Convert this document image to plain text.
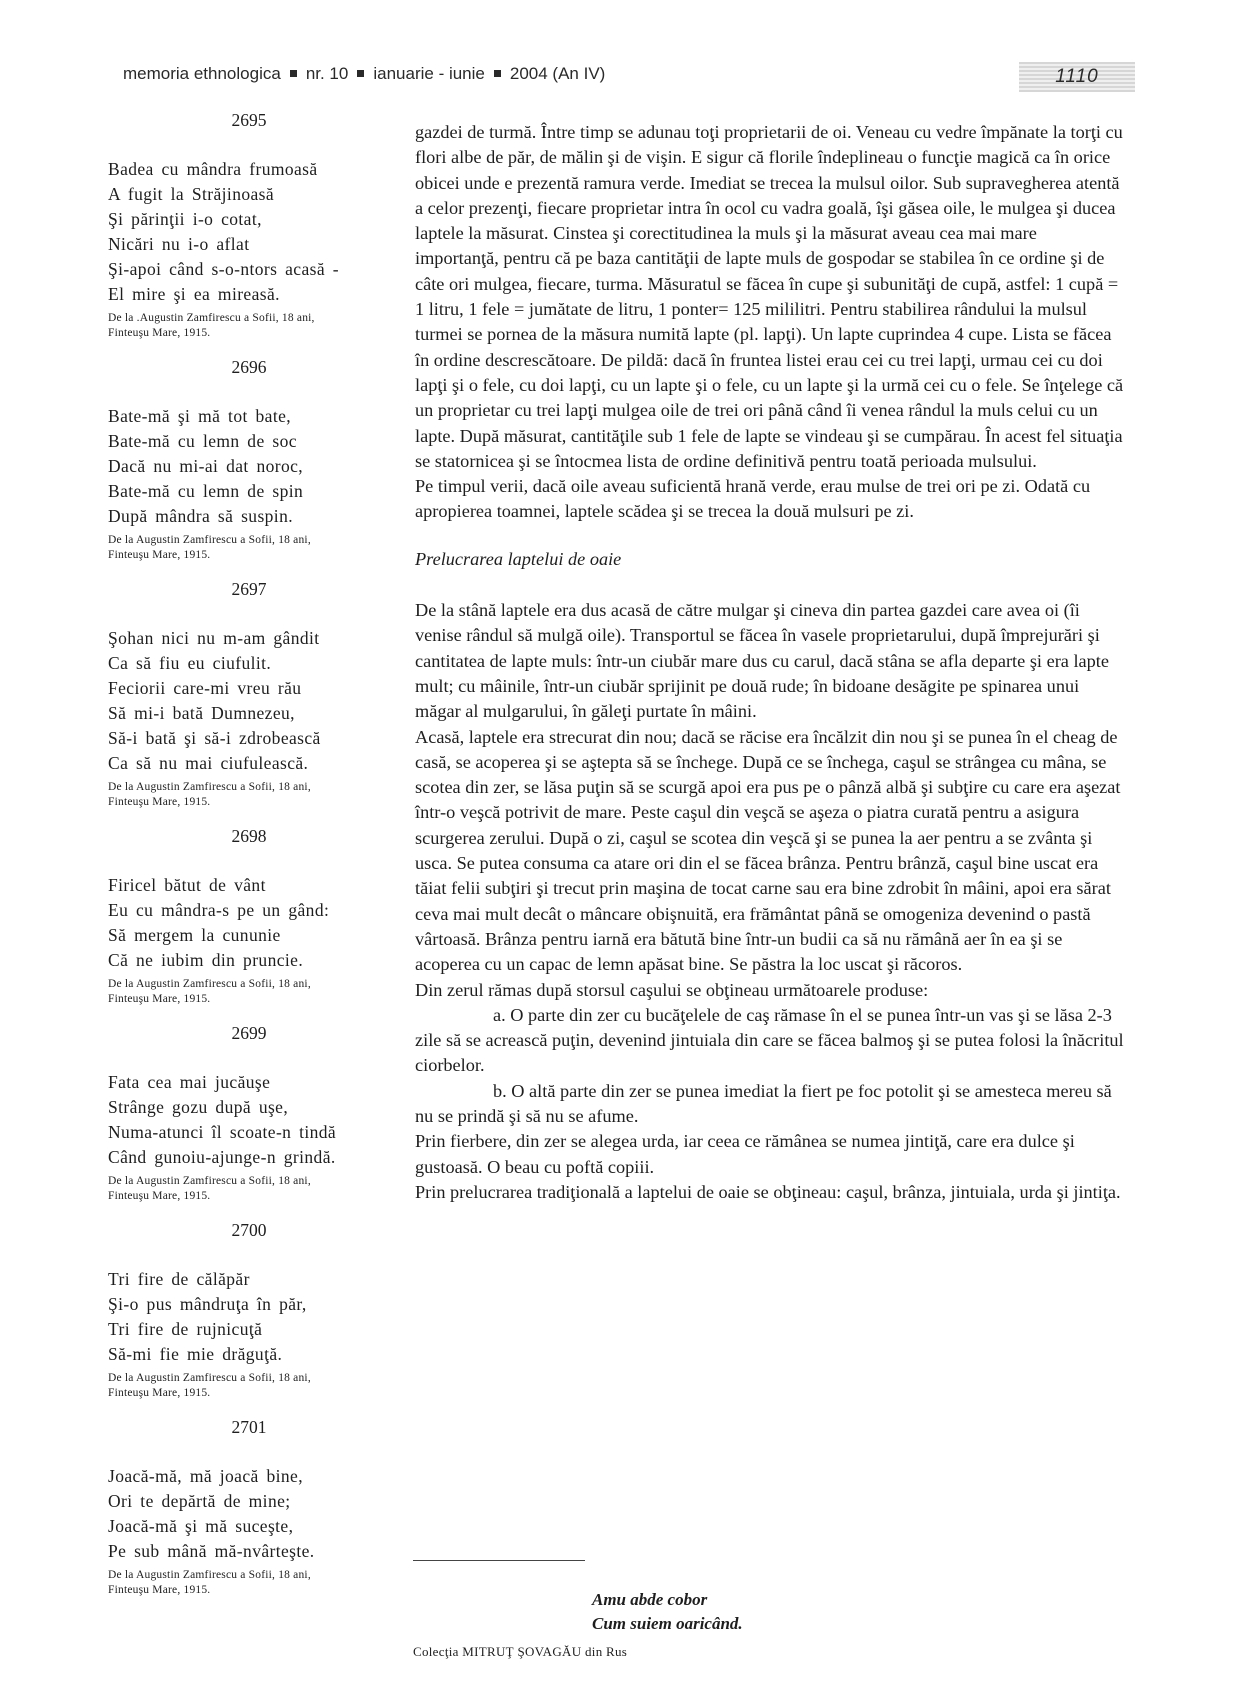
memoria ethnologica nr. 10 ianuarie - iunie 2004 (An IV)	1110
2695
Badea cu mândra frumoasă
A fugit la Străjinoasă
Şi părinţii i-o cotat,
Nicări nu i-o aflat
Şi-apoi când s-o-ntors acasă -
El mire şi ea mireasă.
De la .Augustin Zamfirescu a Sofii, 18 ani,
Finteuşu Mare, 1915.
2696
Bate-mă şi mă tot bate,
Bate-mă cu lemn de soc
Dacă nu mi-ai dat noroc,
Bate-mă cu lemn de spin
După mândra să suspin.
De la Augustin Zamfirescu a Sofii, 18 ani,
Finteuşu Mare, 1915.
2697
Şohan nici nu m-am gândit
Ca să fiu eu ciufulit.
Feciorii care-mi vreu rău
Să mi-i bată Dumnezeu,
Să-i bată şi să-i zdrobească
Ca să nu mai ciufulească.
De la Augustin Zamfirescu a Sofii, 18 ani,
Finteuşu Mare, 1915.
2698
Firicel bătut de vânt
Eu cu mândra-s pe un gând:
Să mergem la cununie
Că ne iubim din pruncie.
De la Augustin Zamfirescu a Sofii, 18 ani,
Finteuşu Mare, 1915.
2699
Fata cea mai jucăuşe
Strânge gozu după uşe,
Numa-atunci îl scoate-n tindă
Când gunoiu-ajunge-n grindă.
De la Augustin Zamfirescu a Sofii, 18 ani,
Finteuşu Mare, 1915.
2700
Tri fire de călăpăr
Şi-o pus mândruţa în păr,
Tri fire de rujnicuţă
Să-mi fie mie drăguţă.
De la Augustin Zamfirescu a Sofii, 18 ani,
Finteuşu Mare, 1915.
2701
Joacă-mă, mă joacă bine,
Ori te depărtă de mine;
Joacă-mă şi mă suceşte,
Pe sub mână mă-nvârteşte.
De la Augustin Zamfirescu a Sofii, 18 ani,
Finteuşu Mare, 1915.

gazdei de turmă. Între timp se adunau toţi proprietarii de oi. Veneau cu vedre împănate la torţi cu flori albe de păr, de mălin şi de vişin. E sigur că florile îndeplineau o funcţie magică ca în orice obicei unde e prezentă ramura verde. Imediat se trecea la mulsul oilor. Sub supravegherea atentă a celor prezenţi, fiecare proprietar intra în ocol cu vadra goală, îşi găsea oile, le mulgea şi ducea laptele la măsurat. Cinstea şi corectitudinea la muls şi la măsurat aveau cea mai mare importanţă, pentru că pe baza cantităţii de lapte muls de gospodar se stabilea în ce ordine şi de câte ori mulgea, fiecare, turma. Măsuratul se făcea în cupe şi subunităţi de cupă, astfel: 1 cupă = 1 litru, 1 fele = jumătate de litru, 1 ponter= 125 mililitri. Pentru stabilirea rândului la mulsul turmei se pornea de la măsura numită lapte (pl. lapţi). Un lapte cuprindea 4 cupe. Lista se făcea în ordine descrescătoare. De pildă: dacă în fruntea listei erau cei cu trei lapţi, urmau cei cu doi lapţi şi o fele, cu doi lapţi, cu un lapte şi o fele, cu un lapte şi la urmă cei cu o fele. Se înţelege că un proprietar cu trei lapţi mulgea oile de trei ori până când îi venea rândul la muls celui cu un lapte. După măsurat, cantităţile sub 1 fele de lapte se vindeau şi se cumpărau. În acest fel situaţia se statornicea şi se întocmea lista de ordine definitivă pentru toată perioada mulsului.

Pe timpul verii, dacă oile aveau suficientă hrană verde, erau mulse de trei ori pe zi. Odată cu apropierea toamnei, laptele scădea şi se trecea la două mulsuri pe zi.

Prelucrarea laptelui de oaie

De la stână laptele era dus acasă de către mulgar şi cineva din partea gazdei care avea oi (îi venise rândul să mulgă oile). Transportul se făcea în vasele proprietarului, după împrejurări şi cantitatea de lapte muls: într-un ciubăr mare dus cu carul, dacă stâna se afla departe şi era lapte mult; cu mâinile, într-un ciubăr sprijinit pe două rude; în bidoane desăgite pe spinarea unui măgar al mulgarului, în găleţi purtate în mâini.

Acasă, laptele era strecurat din nou; dacă se răcise era încălzit din nou şi se punea în el cheag de casă, se acoperea şi se aştepta să se închege. După ce se închega, caşul se strângea cu mâna, se scotea din zer, se lăsa puţin să se scurgă apoi era pus pe o pânză albă şi subţire cu care era aşezat într-o veşcă potrivit de mare. Peste caşul din veşcă se aşeza o piatra curată pentru a asigura scurgerea zerului. După o zi, caşul se scotea din veşcă şi se punea la aer pentru a se zvânta şi usca. Se putea consuma ca atare ori din el se făcea brânza. Pentru brânză, caşul bine uscat era tăiat felii subţiri şi trecut prin maşina de tocat carne sau era bine zdrobit în mâini, apoi era sărat ceva mai mult decât o mâncare obişnuită, era frământat până se omogeniza devenind o pastă vârtoasă. Brânza pentru iarnă era bătută bine într-un budii ca să nu rămână aer în ea şi se acoperea cu un capac de lemn apăsat bine. Se păstra la loc uscat şi răcoros.

Din zerul rămas după storsul caşului se obţineau următoarele produse:

a. O parte din zer cu bucăţelele de caş rămase în el se punea într-un vas şi se lăsa 2-3 zile să se acrească puţin, devenind jintuiala din care se făcea balmoş şi se putea folosi la înăcritul ciorbelor.

b. O altă parte din zer se punea imediat la fiert pe foc potolit şi se amesteca mereu să nu se prindă şi să nu se afume.

Prin fierbere, din zer se alegea urda, iar ceea ce rămânea se numea jintiţă, care era dulce şi gustoasă. O beau cu poftă copiii.

Prin prelucrarea tradiţională a laptelui de oaie se obţineau: caşul, brânza, jintuiala, urda şi jintiţa.

Amu abde cobor
Cum suiem oaricând.
Colecţia MITRUŢ ŞOVAGĂU din Rus
